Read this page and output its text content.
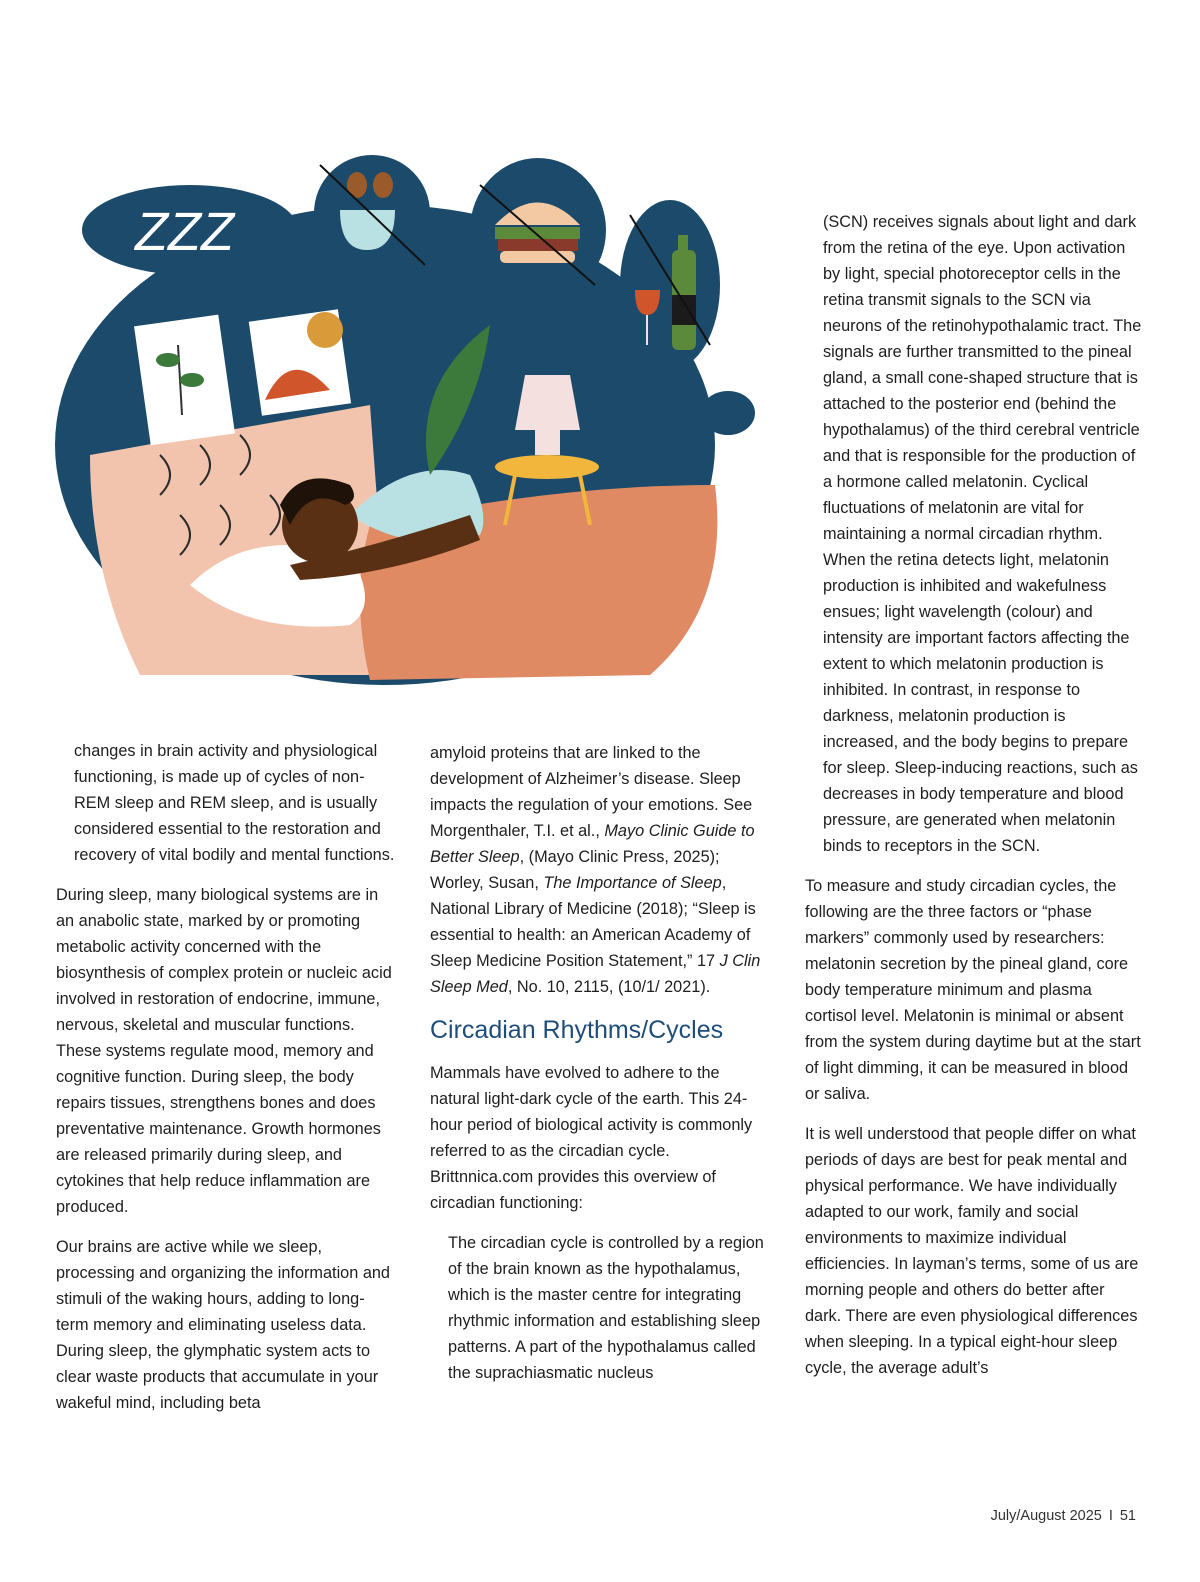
ZZZ

changes in brain activity and physiological functioning, is made up of cycles of non-REM sleep and REM sleep, and is usually considered essential to the restoration and recovery of vital bodily and mental functions.

During sleep, many biological systems are in an anabolic state, marked by or promoting metabolic activity concerned with the biosynthesis of complex protein or nucleic acid involved in restoration of endocrine, immune, nervous, skeletal and muscular functions. These systems regulate mood, memory and cognitive function. During sleep, the body repairs tissues, strengthens bones and does preventative maintenance. Growth hormones are released primarily during sleep, and cytokines that help reduce inflammation are produced.

Our brains are active while we sleep, processing and organizing the information and stimuli of the waking hours, adding to long-term memory and eliminating useless data. During sleep, the glymphatic system acts to clear waste products that accumulate in your wakeful mind, including beta

amyloid proteins that are linked to the development of Alzheimer’s disease. Sleep impacts the regulation of your emotions. See Morgenthaler, T.I. et al., Mayo Clinic Guide to Better Sleep, (Mayo Clinic Press, 2025); Worley, Susan, The Importance of Sleep, National Library of Medicine (2018); “Sleep is essential to health: an American Academy of Sleep Medicine Position Statement,” 17 J Clin Sleep Med, No. 10, 2115, (10/1/ 2021).

Circadian Rhythms/Cycles

Mammals have evolved to adhere to the natural light-dark cycle of the earth. This 24-hour period of biological activity is commonly referred to as the circadian cycle. Brittnnica.com provides this overview of circadian functioning:

The circadian cycle is controlled by a region of the brain known as the hypothalamus, which is the master centre for integrating rhythmic information and establishing sleep patterns. A part of the hypothalamus called the suprachiasmatic nucleus

(SCN) receives signals about light and dark from the retina of the eye. Upon activation by light, special photoreceptor cells in the retina transmit signals to the SCN via neurons of the retinohypothalamic tract. The signals are further transmitted to the pineal gland, a small cone-shaped structure that is attached to the posterior end (behind the hypothalamus) of the third cerebral ventricle and that is responsible for the production of a hormone called melatonin. Cyclical fluctuations of melatonin are vital for maintaining a normal circadian rhythm. When the retina detects light, melatonin production is inhibited and wakefulness ensues; light wavelength (colour) and intensity are important factors affecting the extent to which melatonin production is inhibited. In contrast, in response to darkness, melatonin production is increased, and the body begins to prepare for sleep. Sleep-inducing reactions, such as decreases in body temperature and blood pressure, are generated when melatonin binds to receptors in the SCN.

To measure and study circadian cycles, the following are the three factors or “phase markers” commonly used by researchers: melatonin secretion by the pineal gland, core body temperature minimum and plasma cortisol level. Melatonin is minimal or absent from the system during daytime but at the start of light dimming, it can be measured in blood or saliva.

It is well understood that people differ on what periods of days are best for peak mental and physical performance. We have individually adapted to our work, family and social environments to maximize individual efficiencies. In layman’s terms, some of us are morning people and others do better after dark. There are even physiological differences when sleeping. In a typical eight-hour sleep cycle, the average adult’s

July/August 2025 I 51
